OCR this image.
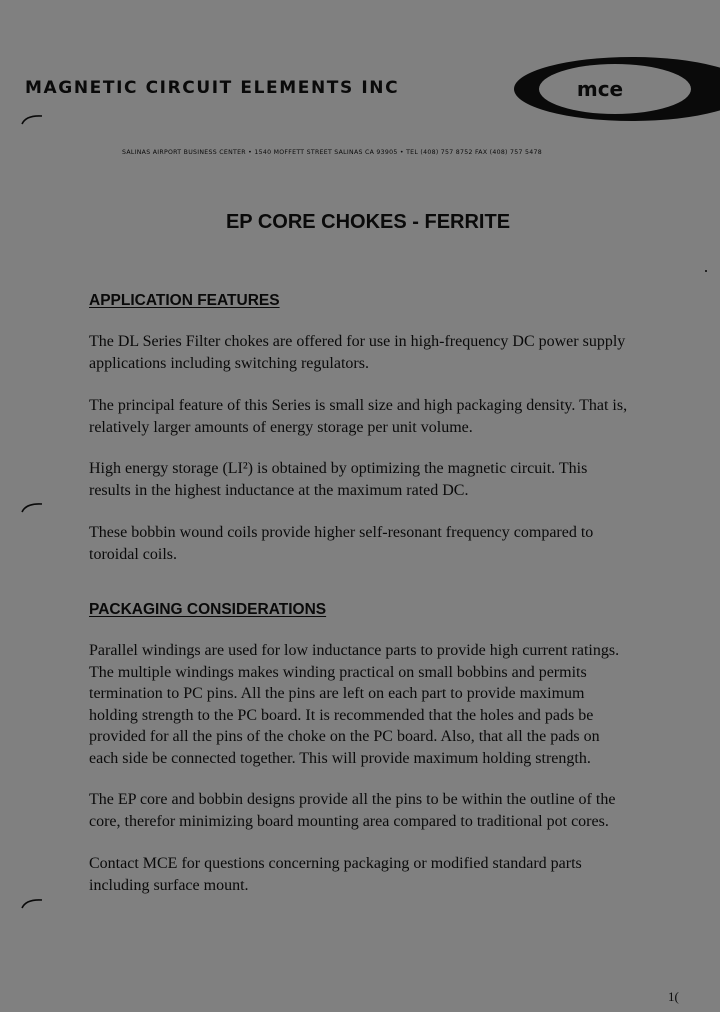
MAGNETIC CIRCUIT ELEMENTS INC	mce

SALINAS AIRPORT BUSINESS CENTER • 1540 MOFFETT STREET SALINAS CA 93905 • TEL (408) 757 8752 FAX (408) 757 5478

EP CORE CHOKES - FERRITE
APPLICATION FEATURES
The DL Series Filter chokes are offered for use in high-frequency DC power supply
applications including switching regulators.
The principal feature of this Series is small size and high packaging density. That is,
relatively larger amounts of energy storage per unit volume.
High energy storage (LI²) is obtained by optimizing the magnetic circuit. This
results in the highest inductance at the maximum rated DC.
These bobbin wound coils provide higher self-resonant frequency compared to
toroidal coils.
PACKAGING CONSIDERATIONS
Parallel windings are used for low inductance parts to provide high current ratings.
The multiple windings makes winding practical on small bobbins and permits
termination to PC pins. All the pins are left on each part to provide maximum
holding strength to the PC board. It is recommended that the holes and pads be
provided for all the pins of the choke on the PC board. Also, that all the pads on
each side be connected together. This will provide maximum holding strength.
The EP core and bobbin designs provide all the pins to be within the outline of the
core, therefor minimizing board mounting area compared to traditional pot cores.
Contact MCE for questions concerning packaging or modified standard parts
including surface mount.

1(
